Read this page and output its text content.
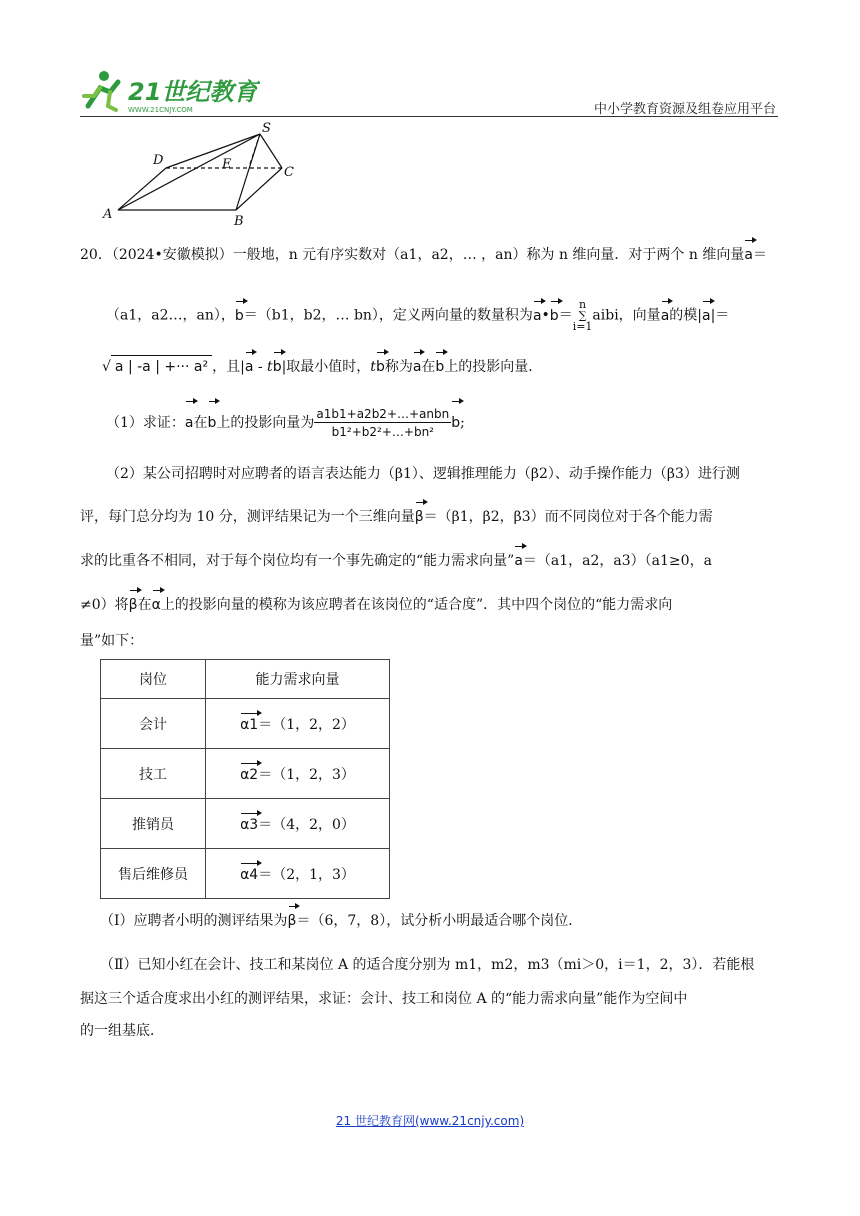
21世纪教育
WWW.21CNJY.COM	中小学教育资源及组卷应用平台
S
D	E
C
A	B
20．（2024•安徽模拟）一般地，n 元有序实数对（a1，a2，… ，an）称为 n 维向量．对于两个 n 维向量a＝
（a1，a2…，an），b＝（b1，b2，… bn），定义两向量的数量积为a•b＝n
∑
i=1aibi，向量a的模|a|＝
√ a | -a | +··· a² ，且|a - tb|取最小值时，tb称为a在b上的投影向量．
（1）求证：a在b上的投影向量为 $\frac{\text{a1b1+a2b2+…+anbn}}{\text{b1²+b2²+…+bn²}} b$;
（2）某公司招聘时对应聘者的语言表达能力（β1）、逻辑推理能力（β2）、动手操作能力（β3）进行测
评，每门总分均为 10 分，测评结果记为一个三维向量β＝（β1，β2，β3）而不同岗位对于各个能力需
求的比重各不相同，对于每个岗位均有一个事先确定的“能力需求向量”a＝（a1，a2，a3）（a1≥0，a
≠0）将β在α上的投影向量的模称为该应聘者在该岗位的“适合度”．其中四个岗位的“能力需求向
量”如下：
岗位	能力需求向量
会计	α1＝（1，2，2）
技工	α2＝（1，2，3）
推销员	α3＝（4，2，0）
售后维修员	α4＝（2，1，3）
（Ⅰ）应聘者小明的测评结果为β＝（6，7，8），试分析小明最适合哪个岗位．
（Ⅱ）已知小红在会计、技工和某岗位 A 的适合度分别为 m1，m2，m3（mi＞0，i＝1，2，3）．若能根
据这三个适合度求出小红的测评结果，求证：会计、技工和岗位 A 的“能力需求向量”能作为空间中
的一组基底．
21 世纪教育网(www.21cnjy.com)
